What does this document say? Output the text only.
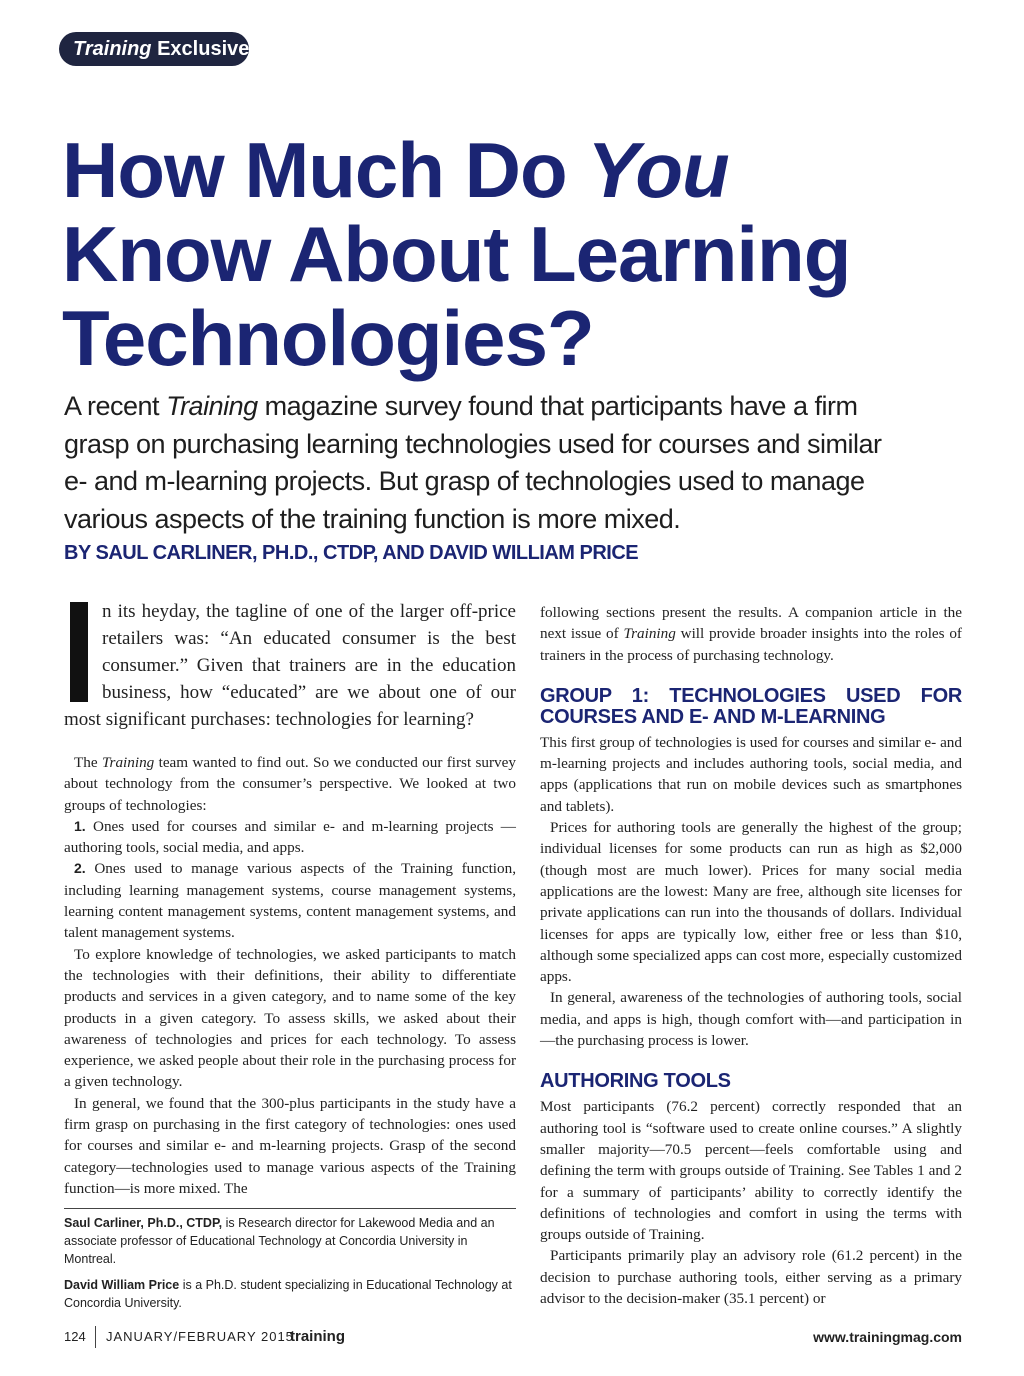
Training Exclusive
How Much Do You
Know About Learning
Technologies?
A recent Training magazine survey found that participants have a firm
grasp on purchasing learning technologies used for courses and similar
e- and m-learning projects. But grasp of technologies used to manage
various aspects of the training function is more mixed.
BY SAUL CARLINER, PH.D., CTDP, AND DAVID WILLIAM PRICE
n its heyday, the tagline of one of the larger off-price retailers was: “An educated consumer is the best consumer.” Given that trainers are in the education business, how “educated” are we about one of our most significant purchases: technologies for learning?

The Training team wanted to find out. So we conducted our first survey about technology from the consumer’s perspective. We looked at two groups of technologies:

1. Ones used for courses and similar e- and m-learning projects —authoring tools, social media, and apps.

2. Ones used to manage various aspects of the Training function, including learning management systems, course management systems, learning content management systems, content management systems, and talent management systems.

To explore knowledge of technologies, we asked participants to match the technologies with their definitions, their ability to differentiate products and services in a given category, and to name some of the key products in a given category. To assess skills, we asked about their awareness of technologies and prices for each technology. To assess experience, we asked people about their role in the purchasing process for a given technology.

In general, we found that the 300-plus participants in the study have a firm grasp on purchasing in the first category of technologies: ones used for courses and similar e- and m-learning projects. Grasp of the second category—technologies used to manage various aspects of the Training function—is more mixed. The

Saul Carliner, Ph.D., CTDP, is Research director for Lakewood Media and an associate professor of Educational Technology at Concordia University in Montreal.
David William Price is a Ph.D. student specializing in Educational Technology at Concordia University.

following sections present the results. A companion article in the next issue of Training will provide broader insights into the roles of trainers in the process of purchasing technology.

GROUP 1: TECHNOLOGIES USED FOR COURSES AND E- AND M-LEARNING

This first group of technologies is used for courses and similar e- and m-learning projects and includes authoring tools, social media, and apps (applications that run on mobile devices such as smartphones and tablets).

Prices for authoring tools are generally the highest of the group; individual licenses for some products can run as high as $2,000 (though most are much lower). Prices for many social media applications are the lowest: Many are free, although site licenses for private applications can run into the thousands of dollars. Individual licenses for apps are typically low, either free or less than $10, although some specialized apps can cost more, especially customized apps.

In general, awareness of the technologies of authoring tools, social media, and apps is high, though comfort with—and participation in—the purchasing process is lower.

AUTHORING TOOLS

Most participants (76.2 percent) correctly responded that an authoring tool is “software used to create online courses.” A slightly smaller majority—70.5 percent—feels comfortable using and defining the term with groups outside of Training. See Tables 1 and 2 for a summary of participants’ ability to correctly identify the definitions of technologies and comfort in using the terms with groups outside of Training.

Participants primarily play an advisory role (61.2 percent) in the decision to purchase authoring tools, either serving as a primary advisor to the decision-maker (35.1 percent) or

124 JANUARY/FEBRUARY 2015
training	www.trainingmag.com
